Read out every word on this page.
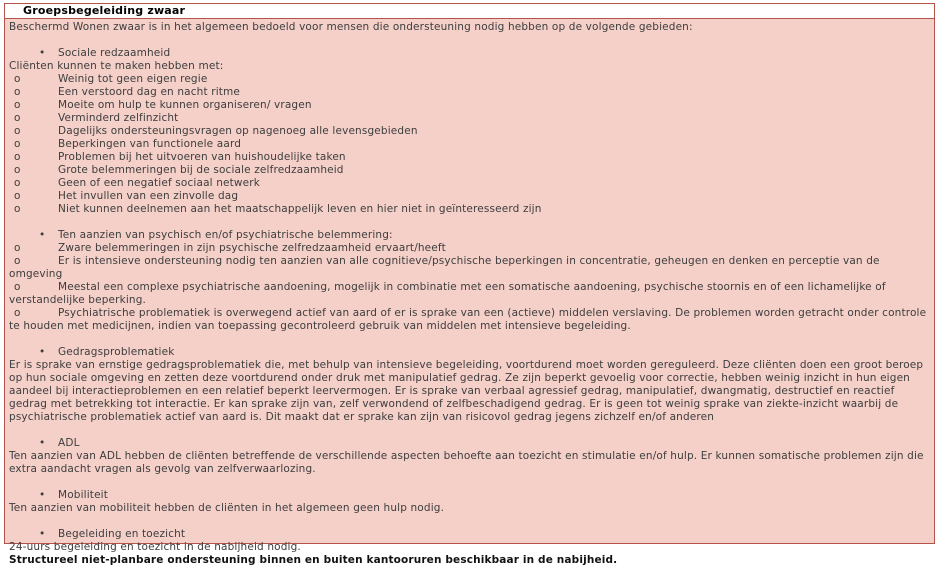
Groepsbegeleiding zwaar

Beschermd Wonen zwaar is in het algemeen bedoeld voor mensen die ondersteuning nodig hebben op de volgende gebieden:

• Sociale redzaamheid

Cliënten kunnen te maken hebben met:

o	Weinig tot geen eigen regie
o	Een verstoord dag en nacht ritme
o	Moeite om hulp te kunnen organiseren/ vragen
o	Verminderd zelfinzicht
o	Dagelijks ondersteuningsvragen op nagenoeg alle levensgebieden
o	Beperkingen van functionele aard
o	Problemen bij het uitvoeren van huishoudelijke taken
o	Grote belemmeringen bij de sociale zelfredzaamheid
o	Geen of een negatief sociaal netwerk
o	Het invullen van een zinvolle dag
o	Niet kunnen deelnemen aan het maatschappelijk leven en hier niet in geïnteresseerd zijn
• Ten aanzien van psychisch en/of psychiatrische belemmering:
o	Zware belemmeringen in zijn psychische zelfredzaamheid ervaart/heeft
o	Er is intensieve ondersteuning nodig ten aanzien van alle cognitieve/psychische beperkingen in concentratie, geheugen en denken en perceptie van de omgeving
o	Meestal een complexe psychiatrische aandoening, mogelijk in combinatie met een somatische aandoening, psychische stoornis en of een lichamelijke of verstandelijke beperking.
o	Psychiatrische problematiek is overwegend actief van aard of er is sprake van een (actieve) middelen verslaving. De problemen worden getracht onder controle te houden met medicijnen, indien van toepassing gecontroleerd gebruik van middelen met intensieve begeleiding.
• Gedragsproblematiek

Er is sprake van ernstige gedragsproblematiek die, met behulp van intensieve begeleiding, voortdurend moet worden gereguleerd. Deze cliënten doen een groot beroep op hun sociale omgeving en zetten deze voortdurend onder druk met manipulatief gedrag. Ze zijn beperkt gevoelig voor correctie, hebben weinig inzicht in hun eigen aandeel bij interactieproblemen en een relatief beperkt leervermogen. Er is sprake van verbaal agressief gedrag, manipulatief, dwangmatig, destructief en reactief gedrag met betrekking tot interactie. Er kan sprake zijn van, zelf verwondend of zelfbeschadigend gedrag. Er is geen tot weinig sprake van ziekte-inzicht waarbij de psychiatrische problematiek actief van aard is. Dit maakt dat er sprake kan zijn van risicovol gedrag jegens zichzelf en/of anderen

• ADL

Ten aanzien van ADL hebben de cliënten betreffende de verschillende aspecten behoefte aan toezicht en stimulatie en/of hulp. Er kunnen somatische problemen zijn die extra aandacht vragen als gevolg van zelfverwaarlozing.

• Mobiliteit

Ten aanzien van mobiliteit hebben de cliënten in het algemeen geen hulp nodig.

• Begeleiding en toezicht

24-uurs begeleiding en toezicht in de nabijheid nodig.

Structureel niet-planbare ondersteuning binnen en buiten kantooruren beschikbaar in de nabijheid.
